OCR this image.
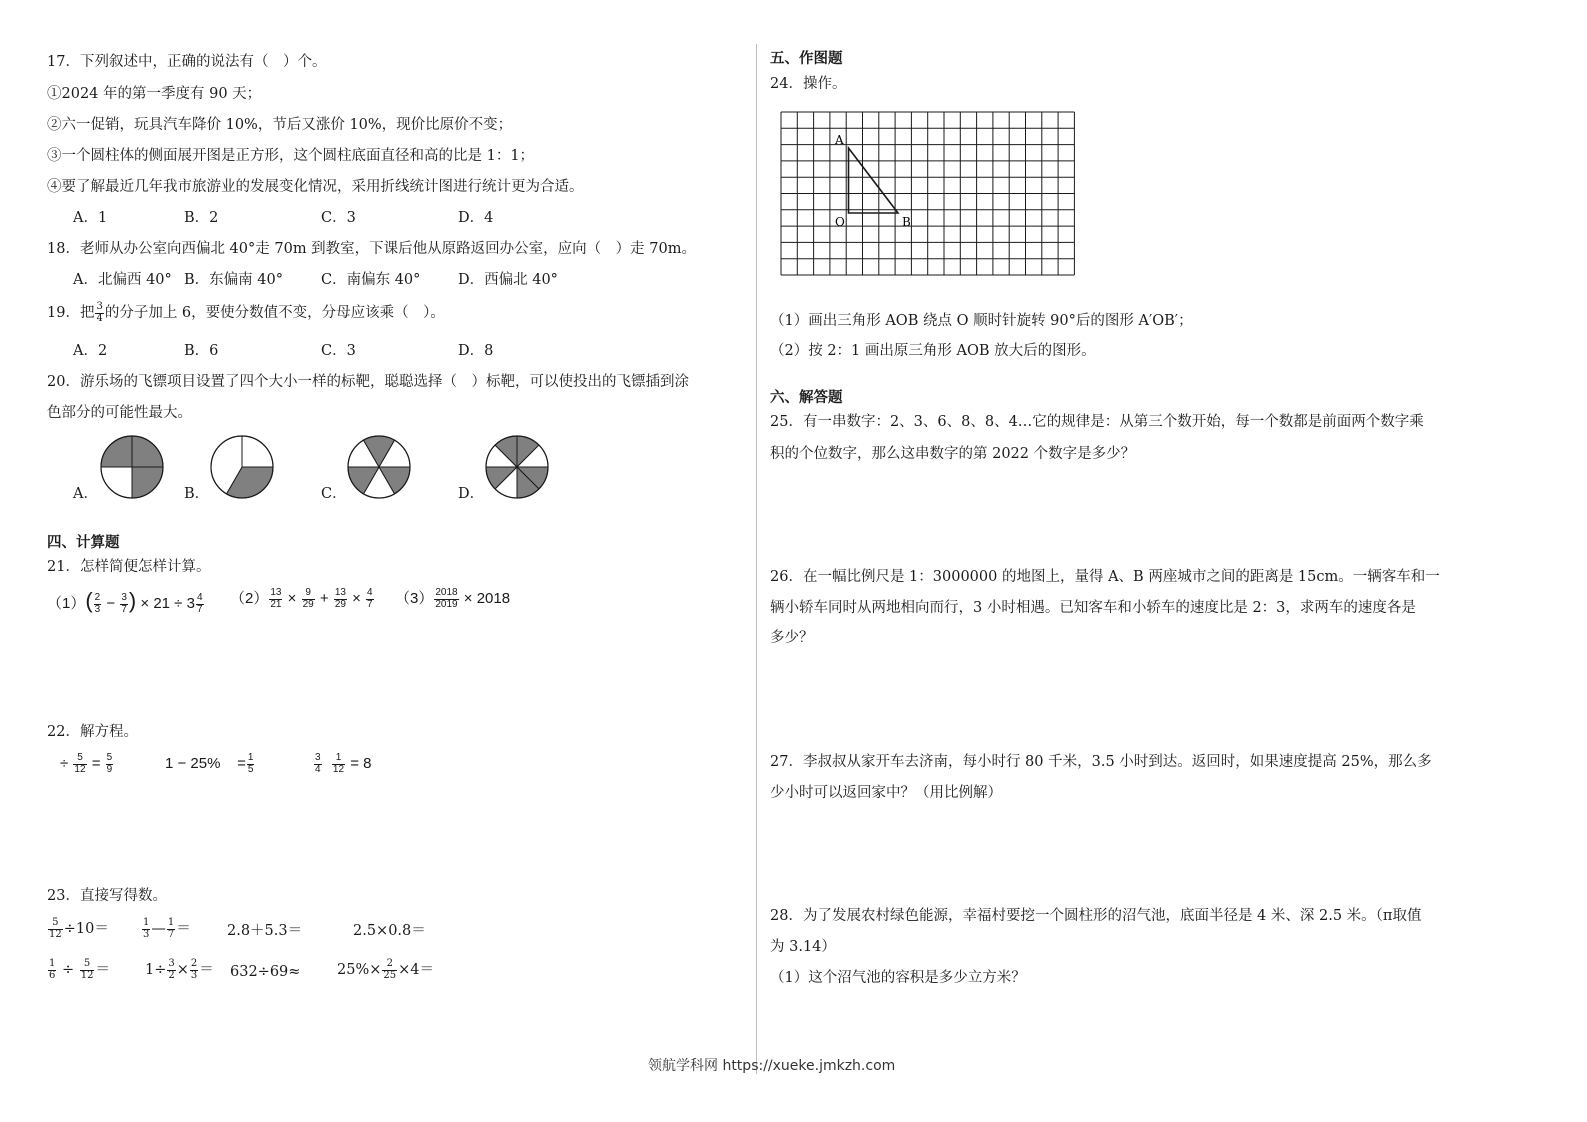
17．下列叙述中，正确的说法有（　）个。
①2024 年的第一季度有 90 天；
②六一促销，玩具汽车降价 10%，节后又涨价 10%，现价比原价不变；
③一个圆柱体的侧面展开图是正方形，这个圆柱底面直径和高的比是 1：1；
④要了解最近几年我市旅游业的发展变化情况，采用折线统计图进行统计更为合适。
A．1	B．2	C．3	D．4
18．老师从办公室向西偏北 40°走 70m 到教室，下课后他从原路返回办公室，应向（　）走 70m。
A．北偏西 40° B．东偏南 40°	C．南偏东 40°	D．西偏北 40°
19．把 $\frac{3}{4}$ 的分子加上 6，要使分数值不变，分母应该乘（　）。
A．2	B．6	C．3	D．8
20．游乐场的飞镖项目设置了四个大小一样的标靶，聪聪选择（　）标靶，可以使投出的飞镖插到涂
色部分的可能性最大。
A．	B．	C．	D．
四、计算题
21．怎样简便怎样计算。
$(1)( \frac{2}{3} - \frac{3}{7}$ ) × $21 \div 3 \frac{4}{7} (2) \frac{13}{21} \times \frac{9}{29} + \frac{13}{29} \times \frac{4}{7} (3) \frac{2018}{2019} \times 2018$
22．解方程。
÷ $\frac{5}{12} = \frac{5}{9}$	$1 - 25\% = \frac{1}{5}$	$\frac{3}{4}$
$\frac{1}{12} = 8$
23．直接写得数。
$\frac{5}{12} \div 10=$	$\frac{1}{3}$ — $\frac{1}{7}$ ＝	2.8＋5.3＝	2.5×0.8＝
$\frac{1}{6} \div \frac{5}{12} = 1\div \frac{3}{2} \times \frac{2}{3} = 632\div 69\approx$	$25\%\times \frac{2}{25} \times 4=$
五、作图题
24．操作。
A
O	B
（1）画出三角形 AOB 绕点 O 顺时针旋转 90°后的图形 A′OB′；
（2）按 2：1 画出原三角形 AOB 放大后的图形。
六、解答题
25．有一串数字：2、3、6、8、8、4…它的规律是：从第三个数开始，每一个数都是前面两个数字乘
积的个位数字，那么这串数字的第 2022 个数字是多少？
26．在一幅比例尺是 1：3000000 的地图上，量得 A、B 两座城市之间的距离是 15cm。一辆客车和一
辆小轿车同时从两地相向而行，3 小时相遇。已知客车和小轿车的速度比是 2：3，求两车的速度各是
多少？
27．李叔叔从家开车去济南，每小时行 80 千米，3.5 小时到达。返回时，如果速度提高 25%，那么多
少小时可以返回家中？（用比例解）
28．为了发展农村绿色能源，幸福村要挖一个圆柱形的沼气池，底面半径是 4 米、深 2.5 米。（π取值
为 3.14）
（1）这个沼气池的容积是多少立方米？
领航学科网 https://xueke.jmkzh.com
